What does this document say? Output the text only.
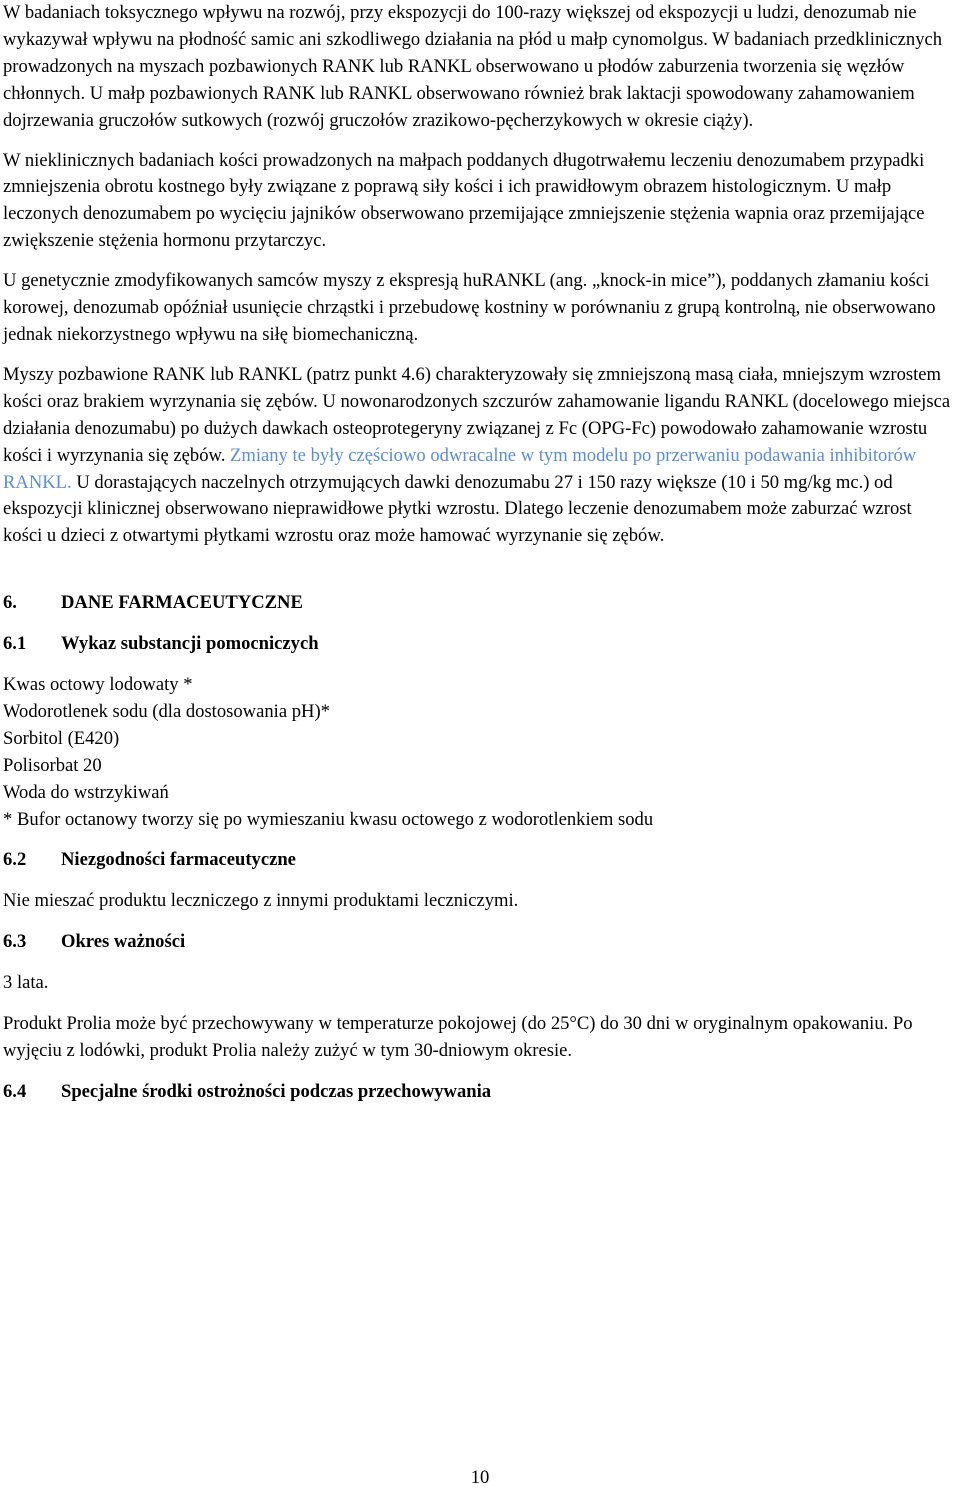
W badaniach toksycznego wpływu na rozwój, przy ekspozycji do 100-razy większej od ekspozycji u ludzi, denozumab nie wykazywał wpływu na płodność samic ani szkodliwego działania na płód u małp cynomolgus. W badaniach przedklinicznych prowadzonych na myszach pozbawionych RANK lub RANKL obserwowano u płodów zaburzenia tworzenia się węzłów chłonnych. U małp pozbawionych RANK lub RANKL obserwowano również brak laktacji spowodowany zahamowaniem dojrzewania gruczołów sutkowych (rozwój gruczołów zrazikowo-pęcherzykowych w okresie ciąży).

W nieklinicznych badaniach kości prowadzonych na małpach poddanych długotrwałemu leczeniu denozumabem przypadki zmniejszenia obrotu kostnego były związane z poprawą siły kości i ich prawidłowym obrazem histologicznym. U małp leczonych denozumabem po wycięciu jajników obserwowano przemijające zmniejszenie stężenia wapnia oraz przemijające zwiększenie stężenia hormonu przytarczyc.

U genetycznie zmodyfikowanych samców myszy z ekspresją huRANKL (ang. „knock-in mice”), poddanych złamaniu kości korowej, denozumab opóźniał usunięcie chrząstki i przebudowę kostniny w porównaniu z grupą kontrolną, nie obserwowano jednak niekorzystnego wpływu na siłę biomechaniczną.

Myszy pozbawione RANK lub RANKL (patrz punkt 4.6) charakteryzowały się zmniejszoną masą ciała, mniejszym wzrostem kości oraz brakiem wyrzynania się zębów. U nowonarodzonych szczurów zahamowanie ligandu RANKL (docelowego miejsca działania denozumabu) po dużych dawkach osteoprotegeryny związanej z Fc (OPG-Fc) powodowało zahamowanie wzrostu kości i wyrzynania się zębów. Zmiany te były częściowo odwracalne w tym modelu po przerwaniu podawania inhibitorów RANKL. U dorastających naczelnych otrzymujących dawki denozumabu 27 i 150 razy większe (10 i 50 mg/kg mc.) od ekspozycji klinicznej obserwowano nieprawidłowe płytki wzrostu. Dlatego leczenie denozumabem może zaburzać wzrost kości u dzieci z otwartymi płytkami wzrostu oraz może hamować wyrzynanie się zębów.

6.	DANE FARMACEUTYCZNE

6.1	Wykaz substancji pomocniczych

Kwas octowy lodowaty *

Wodorotlenek sodu (dla dostosowania pH)*

Sorbitol (E420)

Polisorbat 20

Woda do wstrzykiwań

* Bufor octanowy tworzy się po wymieszaniu kwasu octowego z wodorotlenkiem sodu

6.2	Niezgodności farmaceutyczne

Nie mieszać produktu leczniczego z innymi produktami leczniczymi.

6.3	Okres ważności

3 lata.

Produkt Prolia może być przechowywany w temperaturze pokojowej (do 25°C) do 30 dni w oryginalnym opakowaniu. Po wyjęciu z lodówki, produkt Prolia należy zużyć w tym 30-dniowym okresie.

6.4	Specjalne środki ostrożności podczas przechowywania

10
